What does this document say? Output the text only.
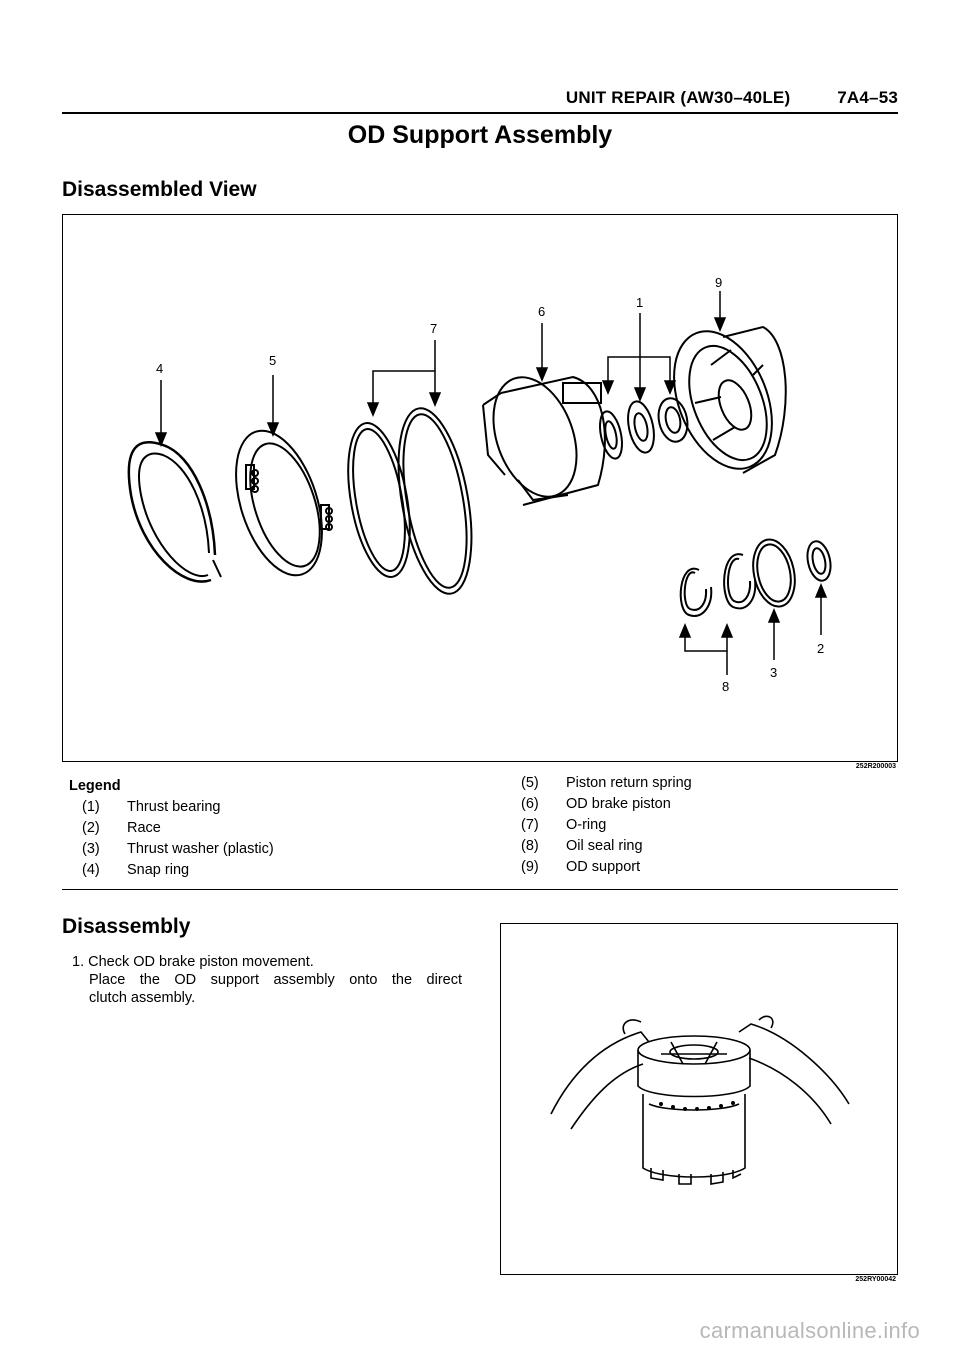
UNIT REPAIR (AW30–40LE)	7A4–53
OD Support Assembly
Disassembled View
4
5
7
6
1
9
8
3
2
252R200003
Legend
(1)	Thrust bearing
(2)	Race
(3)	Thrust washer (plastic)
(4)	Snap ring
(5)	Piston return spring
(6)	OD brake piston
(7)	O-ring
(8)	Oil seal ring
(9)	OD support
Disassembly
1. Check OD brake piston movement.
Place the OD support assembly onto the direct
clutch assembly.
252RY00042
carmanualsonline.info
